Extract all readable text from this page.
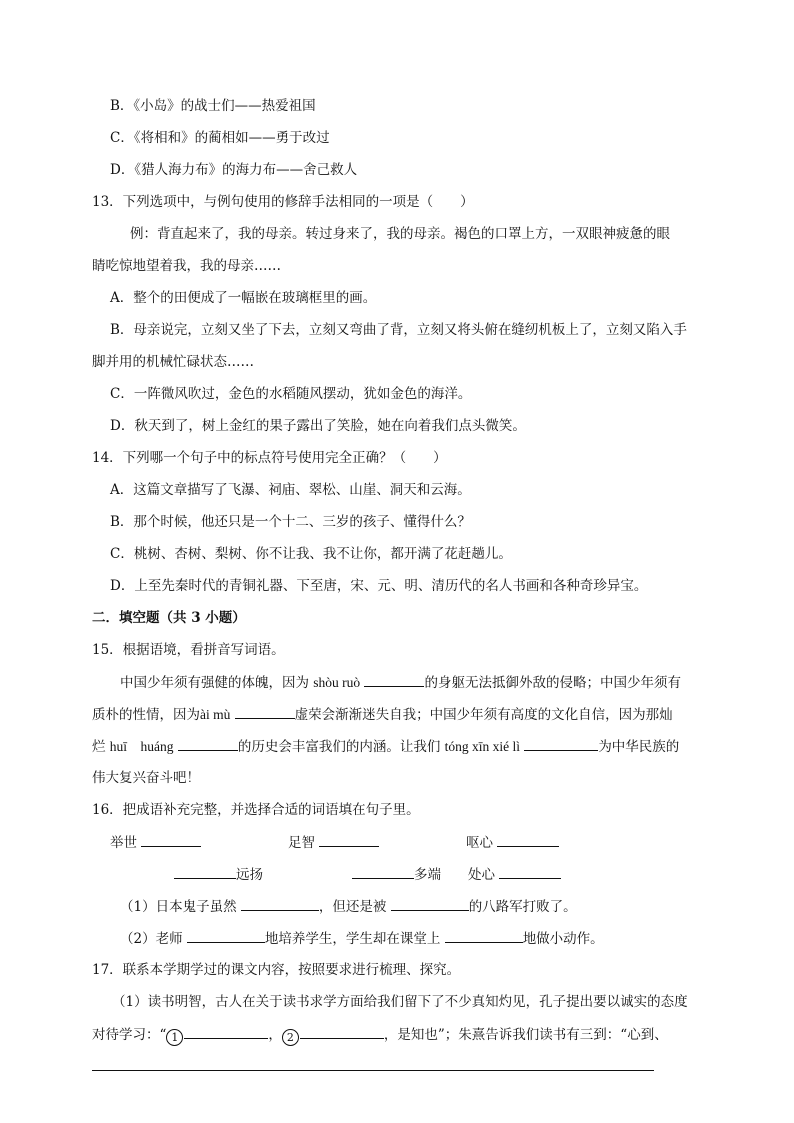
B．《小岛》的战士们——热爱祖国
C．《将相和》的蔺相如——勇于改过
D．《猎人海力布》的海力布——舍己救人
13．下列选项中，与例句使用的修辞手法相同的一项是（　　）
例：背直起来了，我的母亲。转过身来了，我的母亲。褐色的口罩上方，一双眼神疲惫的眼
睛吃惊地望着我，我的母亲……
A．整个的田便成了一幅嵌在玻璃框里的画。
B．母亲说完，立刻又坐了下去，立刻又弯曲了背，立刻又将头俯在缝纫机板上了，立刻又陷入手
脚并用的机械忙碌状态……
C．一阵微风吹过，金色的水稻随风摆动，犹如金色的海洋。
D．秋天到了，树上金红的果子露出了笑脸，她在向着我们点头微笑。
14．下列哪一个句子中的标点符号使用完全正确？（　　）
A．这篇文章描写了飞瀑、祠庙、翠松、山崖、洞天和云海。
B．那个时候，他还只是一个十二、三岁的孩子、懂得什么？
C．桃树、杏树、梨树、你不让我、我不让你，都开满了花赶趟儿。
D．上至先秦时代的青铜礼器、下至唐，宋、元、明、清历代的名人书画和各种奇珍异宝。
二．填空题（共 3 小题）
15．根据语境，看拼音写词语。
中国少年须有强健的体魄，因为 shòu ruò	的身躯无法抵御外敌的侵略；中国少年须有
质朴的性情，因为ài mù	虚荣会渐渐迷失自我；中国少年须有高度的文化自信，因为那灿
烂 huī　huáng	的历史会丰富我们的内涵。让我们 tóng xīn xié lì	为中华民族的
伟大复兴奋斗吧！
16．把成语补充完整，并选择合适的词语填在句子里。
举世	足智	呕心
远扬	多端 处心
（1）日本鬼子虽然	，但还是被	的八路军打败了。
（2）老师	地培养学生，学生却在课堂上	地做小动作。
17．联系本学期学过的课文内容，按照要求进行梳理、探究。
（1）读书明智，古人在关于读书求学方面给我们留下了不少真知灼见，孔子提出要以诚实的态度
对待学习：“ 1	， 2	，是知也”；朱熹告诉我们读书有三到：“心到、
